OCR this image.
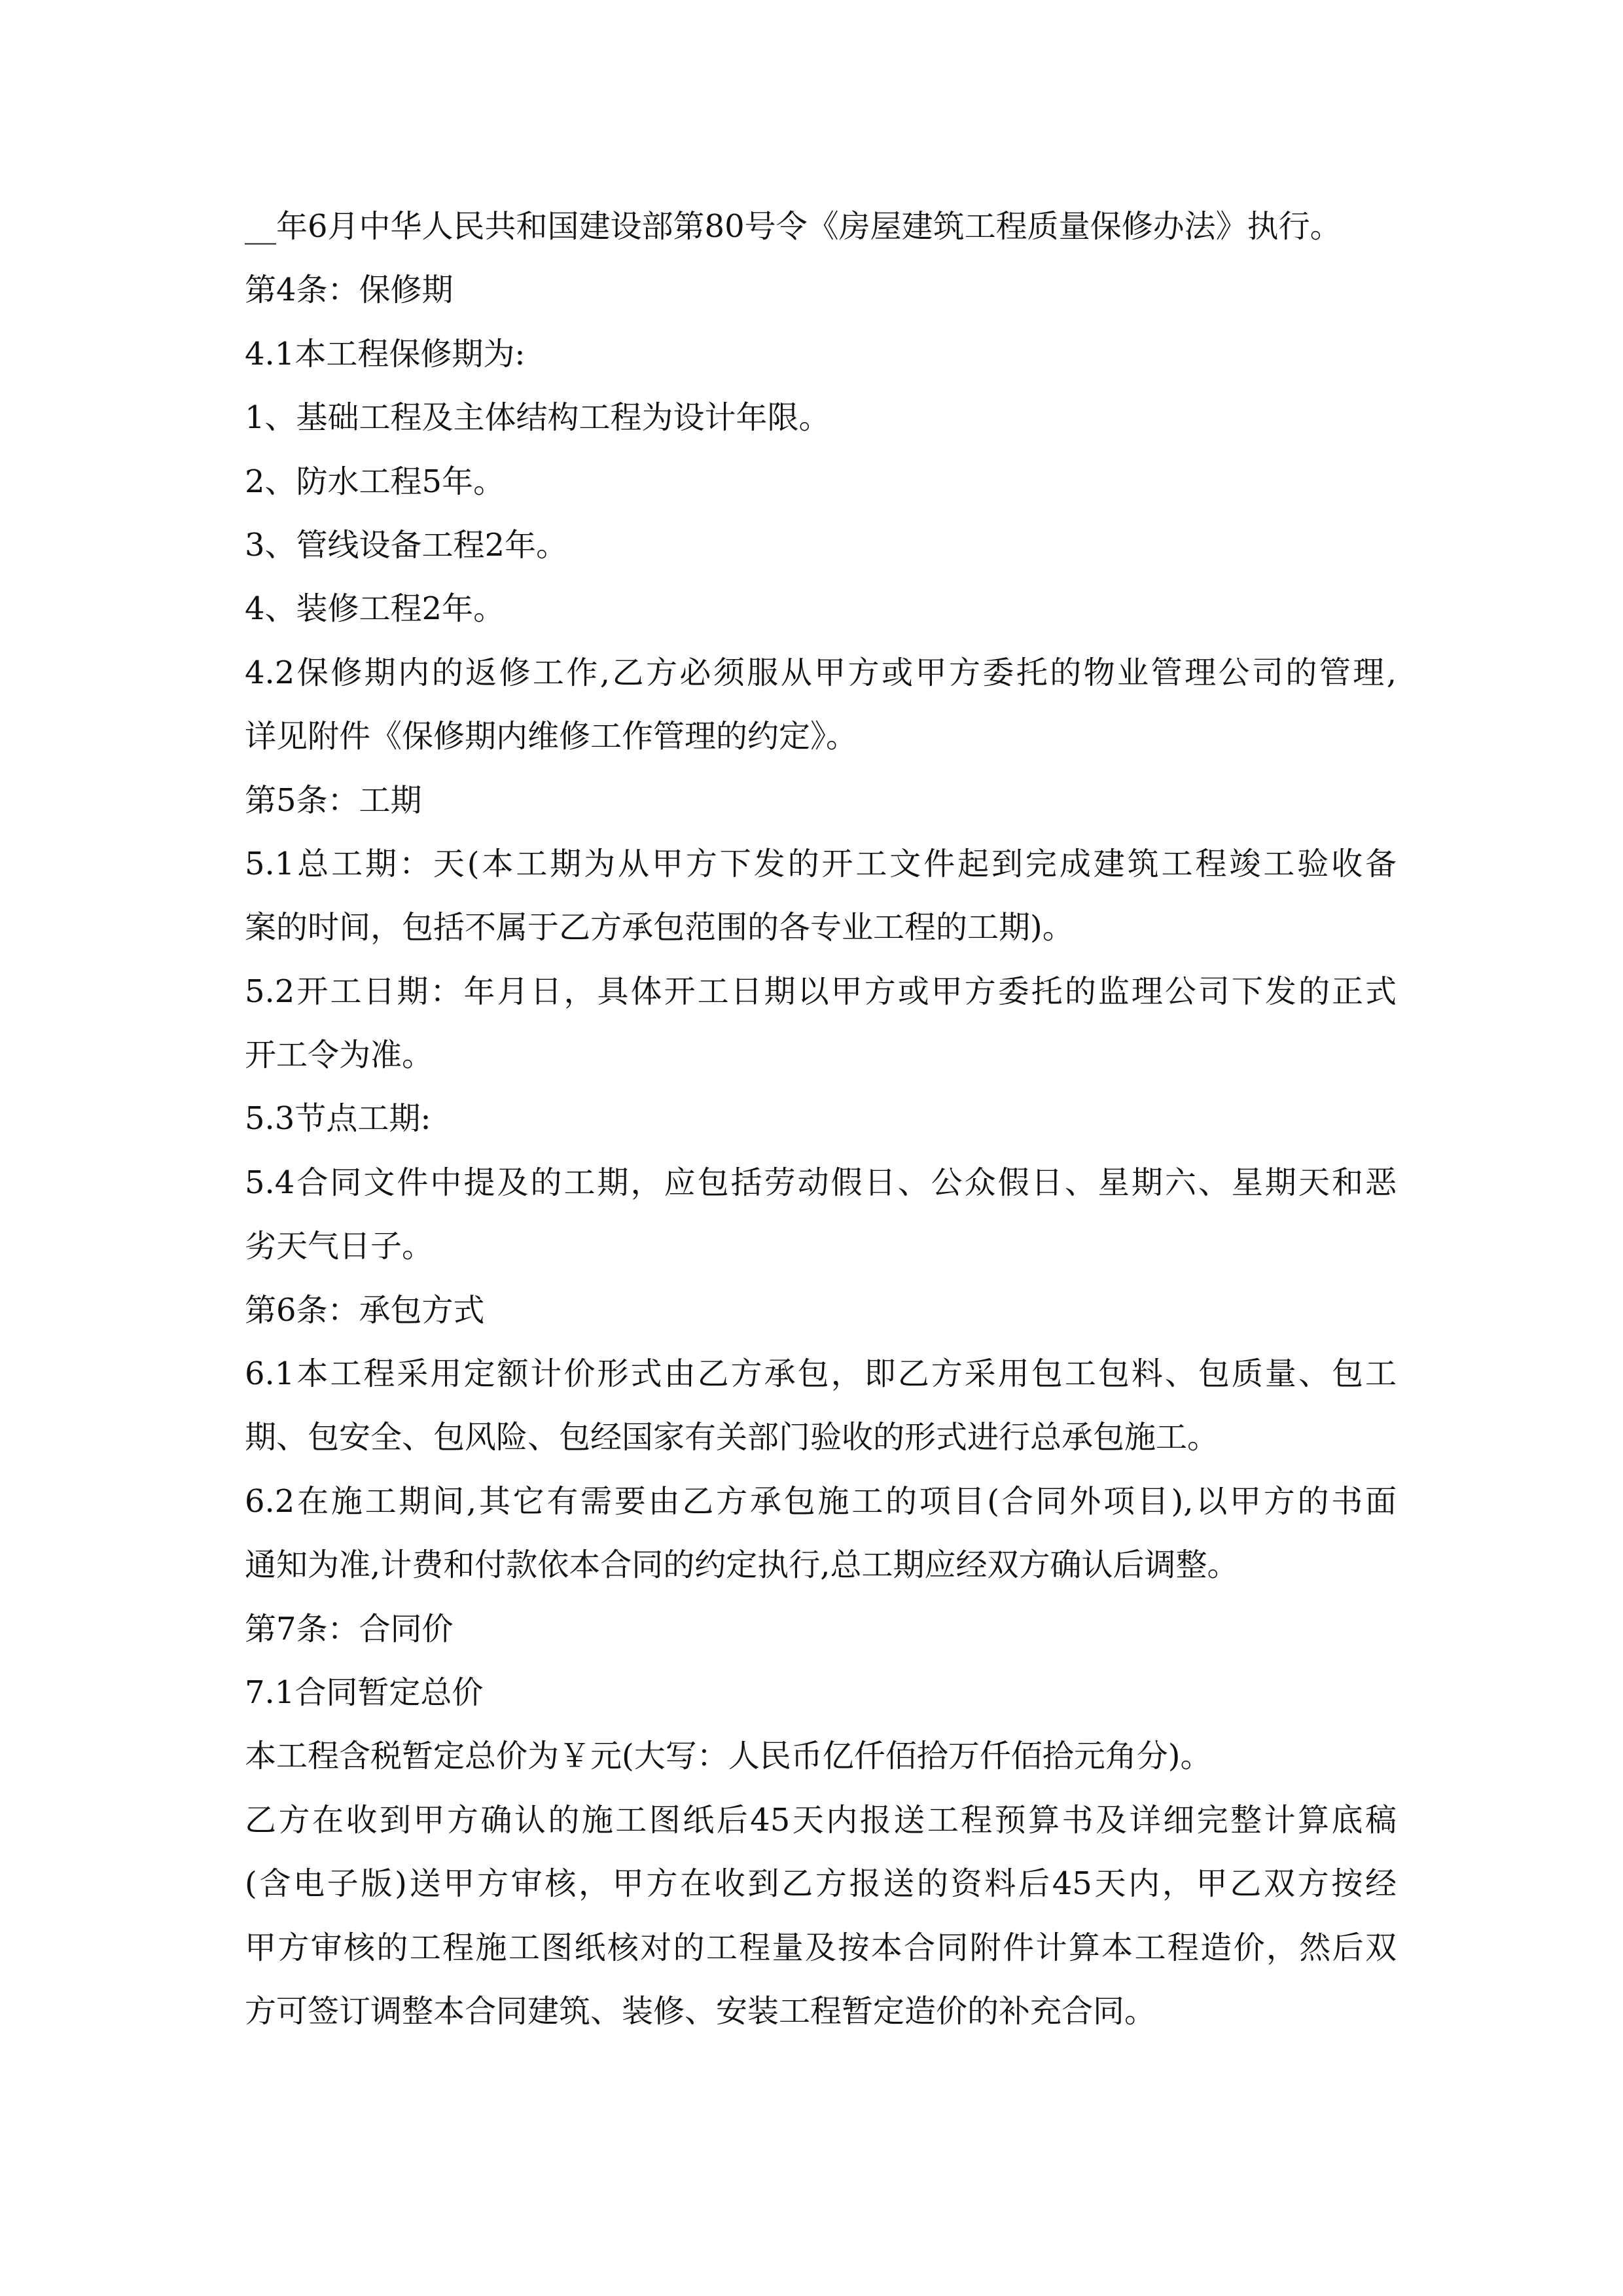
__年6月中华人民共和国建设部第80号令《房屋建筑工程质量保修办法》执行。
第4条：保修期
4.1本工程保修期为:
1、基础工程及主体结构工程为设计年限。
2、防水工程5年。
3、管线设备工程2年。
4、装修工程2年。
4.2保修期内的返修工作,乙方必须服从甲方或甲方委托的物业管理公司的管理,
详见附件《保修期内维修工作管理的约定》。
第5条：工期
5.1总工期：天(本工期为从甲方下发的开工文件起到完成建筑工程竣工验收备
案的时间，包括不属于乙方承包范围的各专业工程的工期)。
5.2开工日期：年月日，具体开工日期以甲方或甲方委托的监理公司下发的正式
开工令为准。
5.3节点工期:
5.4合同文件中提及的工期，应包括劳动假日、公众假日、星期六、星期天和恶
劣天气日子。
第6条：承包方式
6.1本工程采用定额计价形式由乙方承包，即乙方采用包工包料、包质量、包工
期、包安全、包风险、包经国家有关部门验收的形式进行总承包施工。
6.2在施工期间,其它有需要由乙方承包施工的项目(合同外项目),以甲方的书面
通知为准,计费和付款依本合同的约定执行,总工期应经双方确认后调整。
第7条：合同价
7.1合同暂定总价
本工程含税暂定总价为￥元(大写：人民币亿仟佰拾万仟佰拾元角分)。
乙方在收到甲方确认的施工图纸后45天内报送工程预算书及详细完整计算底稿
(含电子版)送甲方审核，甲方在收到乙方报送的资料后45天内，甲乙双方按经
甲方审核的工程施工图纸核对的工程量及按本合同附件计算本工程造价，然后双
方可签订调整本合同建筑、装修、安装工程暂定造价的补充合同。
